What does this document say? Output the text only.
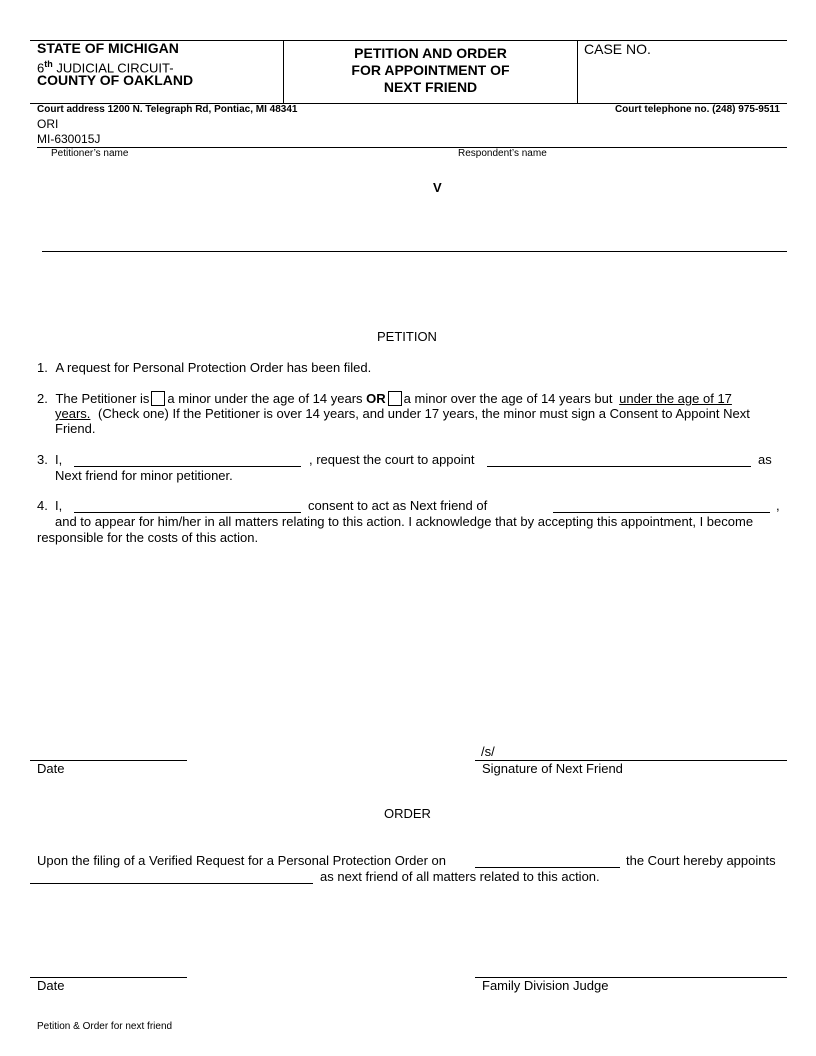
STATE OF MICHIGAN
6th JUDICIAL CIRCUIT-
COUNTY OF OAKLAND
PETITION AND ORDER
FOR APPOINTMENT OF
NEXT FRIEND
CASE NO.
Court address 1200 N. Telegraph Rd, Pontiac, MI 48341	Court telephone no. (248) 975-9511
ORI
MI-630015J
Petitioner’s name	Respondent’s name
V
PETITION
1. A request for Personal Protection Order has been filed.
2. The Petitioner is a minor under the age of 14 years OR a minor over the age of 14 years but under the age of 17
years. (Check one) If the Petitioner is over 14 years, and under 17 years, the minor must sign a Consent to Appoint Next
Friend.
3. I,	, request the court to appoint	as
Next friend for minor petitioner.
4. I,	consent to act as Next friend of	,
and to appear for him/her in all matters relating to this action. I acknowledge that by accepting this appointment, I become
responsible for the costs of this action.
Date
/s/
Signature of Next Friend
ORDER
Upon the filing of a Verified Request for a Personal Protection Order on	the Court hereby appoints
as next friend of all matters related to this action.
Date	Family Division Judge
Petition & Order for next friend
